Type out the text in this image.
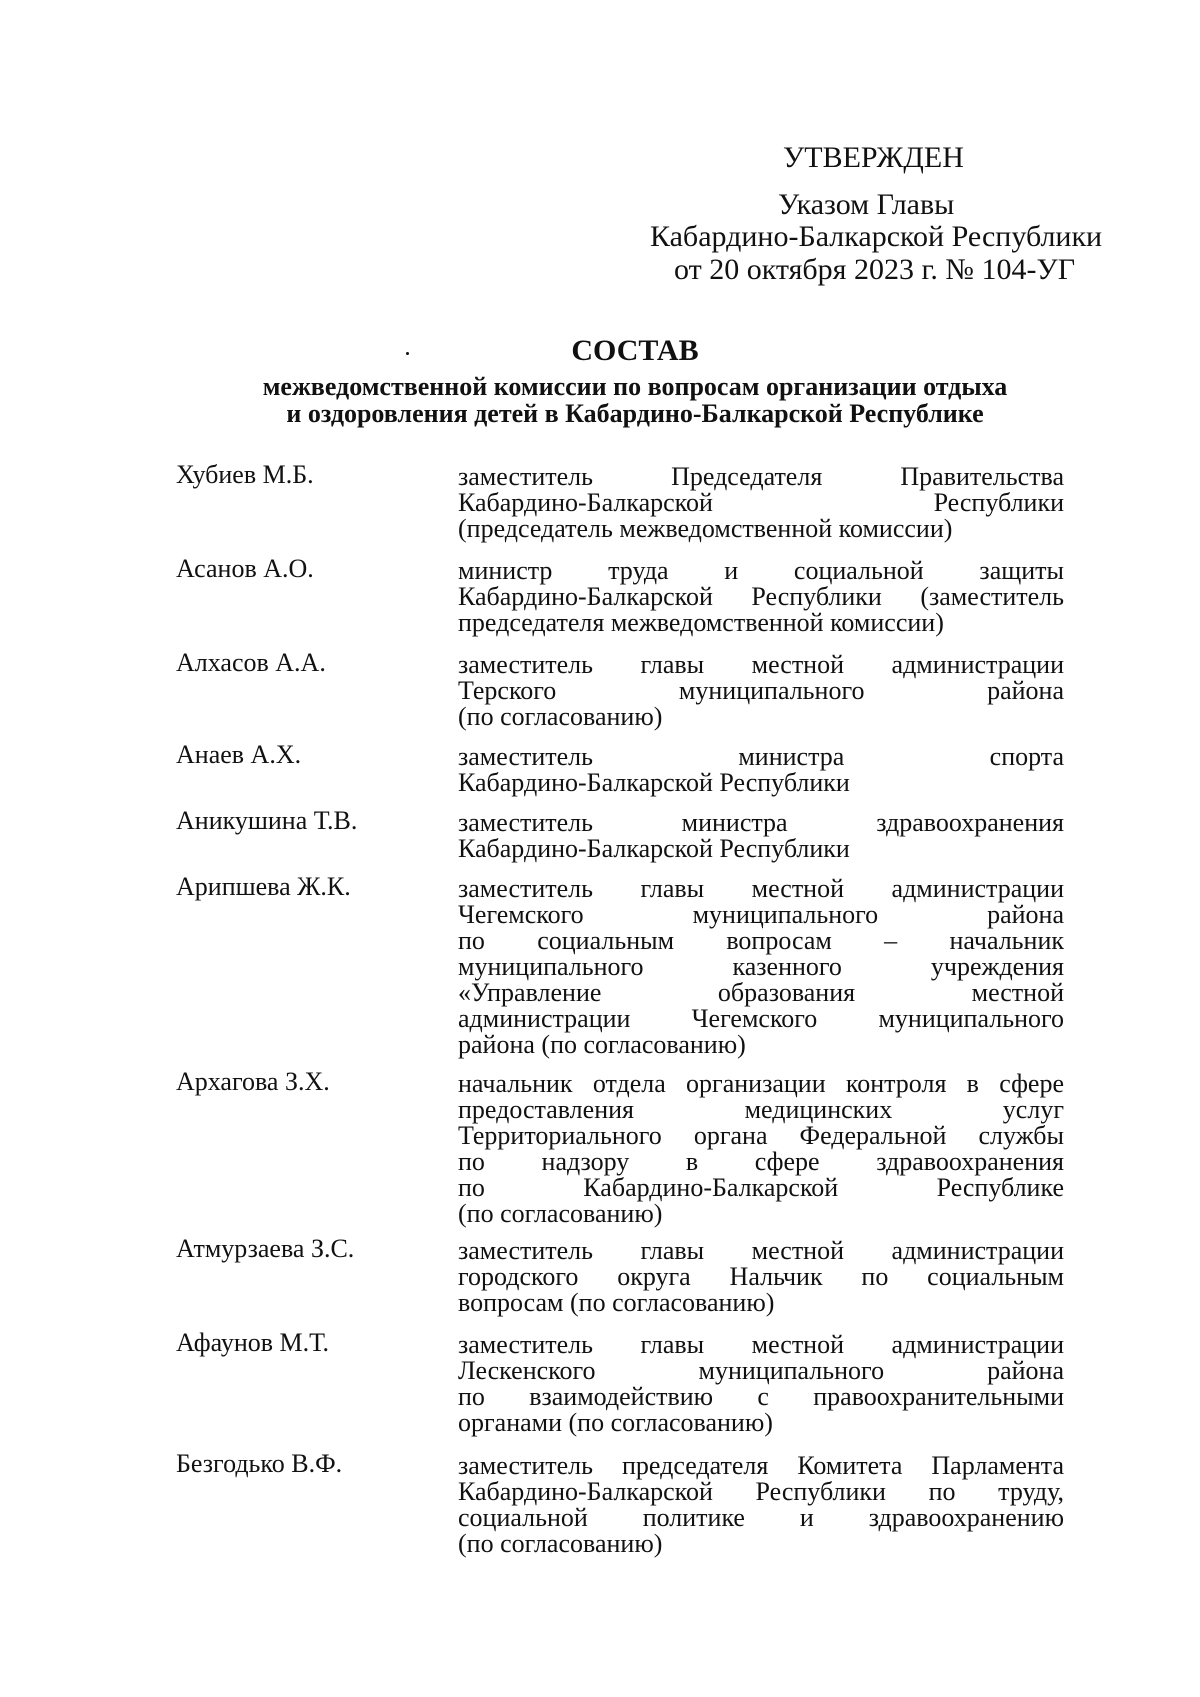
УТВЕРЖДЕН
Указом Главы
Кабардино-Балкарской Республики
от 20 октября 2023 г. № 104-УГ
СОСТАВ
межведомственной комиссии по вопросам организации отдыха
и оздоровления детей в Кабардино-Балкарской Республике
Хубиев М.Б.	заместитель Председателя Правительства
Кабардино-Балкарской Республики
(председатель межведомственной комиссии)
Асанов А.О.	министр труда и социальной защиты
Кабардино-Балкарской Республики (заместитель
председателя межведомственной комиссии)
Алхасов А.А.	заместитель главы местной администрации
Терского муниципального района
(по согласованию)
Анаев А.Х.	заместитель министра спорта
Кабардино-Балкарской Республики
Аникушина Т.В.	заместитель министра здравоохранения
Кабардино-Балкарской Республики
Арипшева Ж.К.	заместитель главы местной администрации
Чегемского муниципального района
по социальным вопросам – начальник
муниципального казенного учреждения
«Управление образования местной
администрации Чегемского муниципального
района (по согласованию)
Архагова З.Х.	начальник отдела организации контроля в сфере
предоставления медицинских услуг
Территориального органа Федеральной службы
по надзору в сфере здравоохранения
по Кабардино-Балкарской Республике
(по согласованию)
Атмурзаева З.С.	заместитель главы местной администрации
городского округа Нальчик по социальным
вопросам (по согласованию)
Афаунов М.Т.	заместитель главы местной администрации
Лескенского муниципального района
по взаимодействию с правоохранительными
органами (по согласованию)
Безгодько В.Ф.	заместитель председателя Комитета Парламента
Кабардино-Балкарской Республики по труду,
социальной политике и здравоохранению
(по согласованию)
